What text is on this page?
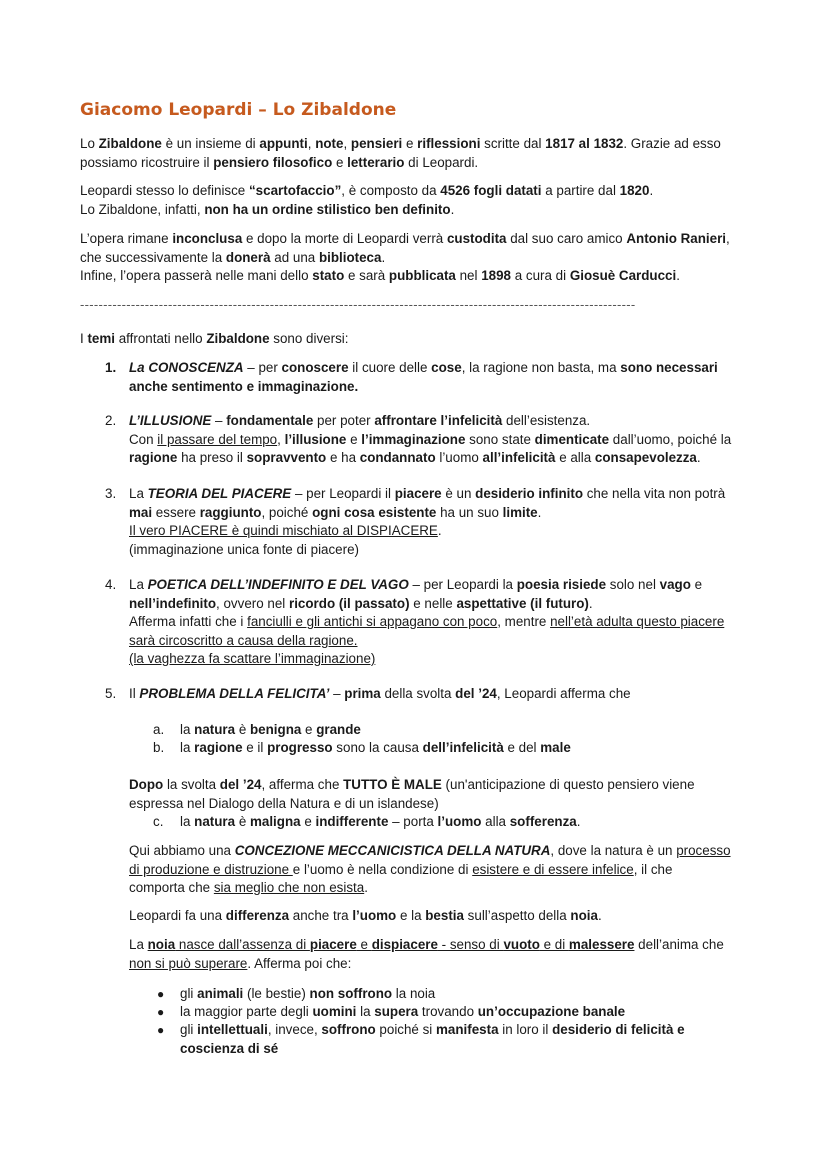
Giacomo Leopardi – Lo Zibaldone

Lo Zibaldone è un insieme di appunti, note, pensieri e riflessioni scritte dal 1817 al 1832. Grazie ad esso

possiamo ricostruire il pensiero filosofico e letterario di Leopardi.

Leopardi stesso lo definisce “scartofaccio”, è composto da 4526 fogli datati a partire dal 1820.

Lo Zibaldone, infatti, non ha un ordine stilistico ben definito.

L’opera rimane inconclusa e dopo la morte di Leopardi verrà custodita dal suo caro amico Antonio Ranieri,

che successivamente la donerà ad una biblioteca.

Infine, l’opera passerà nelle mani dello stato e sarà pubblicata nel 1898 a cura di Giosuè Carducci.

------------------------------------------------------------------------------------------------------------------------

I temi affrontati nello Zibaldone sono diversi:

1. La CONOSCENZA – per conoscere il cuore delle cose, la ragione non basta, ma sono necessari

anche sentimento e immaginazione.

2. L’ILLUSIONE – fondamentale per poter affrontare l’infelicità dell’esistenza.

Con il passare del tempo, l’illusione e l’immaginazione sono state dimenticate dall’uomo, poiché la

ragione ha preso il sopravvento e ha condannato l’uomo all’infelicità e alla consapevolezza.

3. La TEORIA DEL PIACERE – per Leopardi il piacere è un desiderio infinito che nella vita non potrà

mai essere raggiunto, poiché ogni cosa esistente ha un suo limite.

Il vero PIACERE è quindi mischiato al DISPIACERE.

(immaginazione unica fonte di piacere)

4. La POETICA DELL’INDEFINITO E DEL VAGO – per Leopardi la poesia risiede solo nel vago e

nell’indefinito, ovvero nel ricordo (il passato) e nelle aspettative (il futuro).

Afferma infatti che i fanciulli e gli antichi si appagano con poco, mentre nell’età adulta questo piacere

sarà circoscritto a causa della ragione.

(la vaghezza fa scattare l’immaginazione)

5. Il PROBLEMA DELLA FELICITA’ – prima della svolta del ’24, Leopardi afferma che

a. la natura è benigna e grande

b. la ragione e il progresso sono la causa dell’infelicità e del male

Dopo la svolta del ’24, afferma che TUTTO È MALE (un'anticipazione di questo pensiero viene

espressa nel Dialogo della Natura e di un islandese)

c. la natura è maligna e indifferente – porta l’uomo alla sofferenza.

Qui abbiamo una CONCEZIONE MECCANICISTICA DELLA NATURA, dove la natura è un processo

di produzione e distruzione e l’uomo è nella condizione di esistere e di essere infelice, il che

comporta che sia meglio che non esista.

Leopardi fa una differenza anche tra l’uomo e la bestia sull’aspetto della noia.

La noia nasce dall’assenza di piacere e dispiacere - senso di vuoto e di malessere dell’anima che

non si può superare. Afferma poi che:

● gli animali (le bestie) non soffrono la noia

● la maggior parte degli uomini la supera trovando un’occupazione banale

● gli intellettuali, invece, soffrono poiché si manifesta in loro il desiderio di felicità e

coscienza di sé
